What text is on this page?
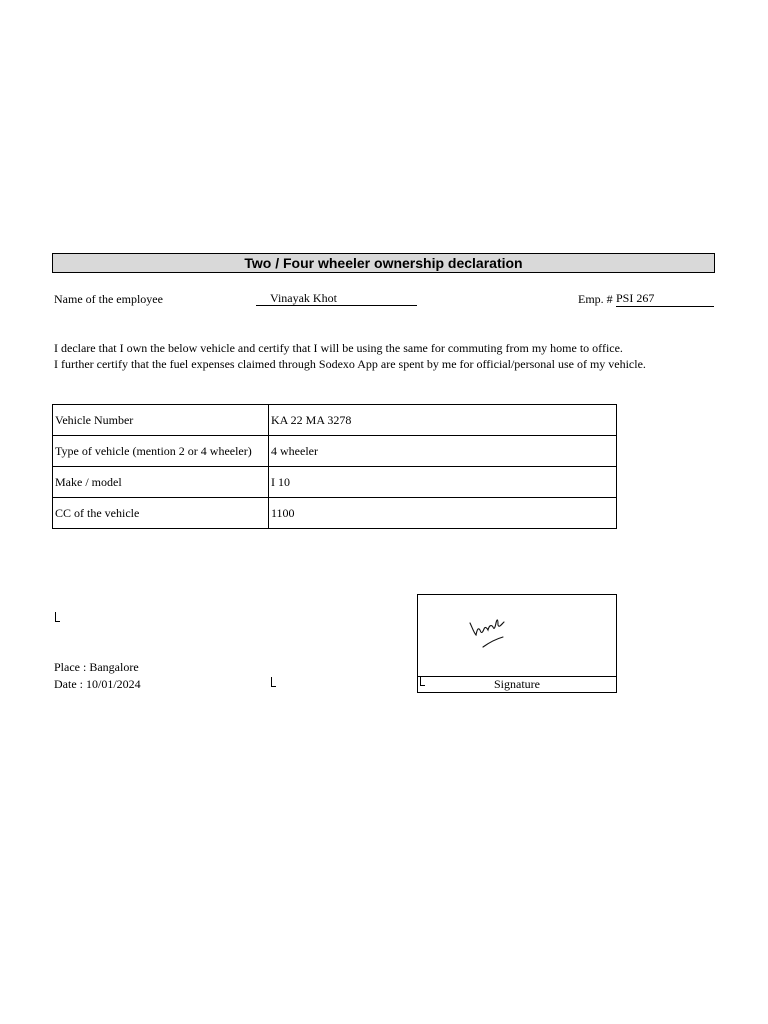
Two / Four wheeler ownership declaration
Name of the employee	Vinayak Khot	Emp. # PSI 267
I declare that I own the below vehicle and certify that I will be using the same for commuting from my home to office.
I further certify that the fuel expenses claimed through Sodexo App are spent by me for official/personal use of my vehicle.
Vehicle Number	KA 22 MA 3278
Type of vehicle (mention 2 or 4 wheeler)	4 wheeler
Make / model	I 10
CC of the vehicle	1100
Place : Bangalore
Date : 10/01/2024	Signature
